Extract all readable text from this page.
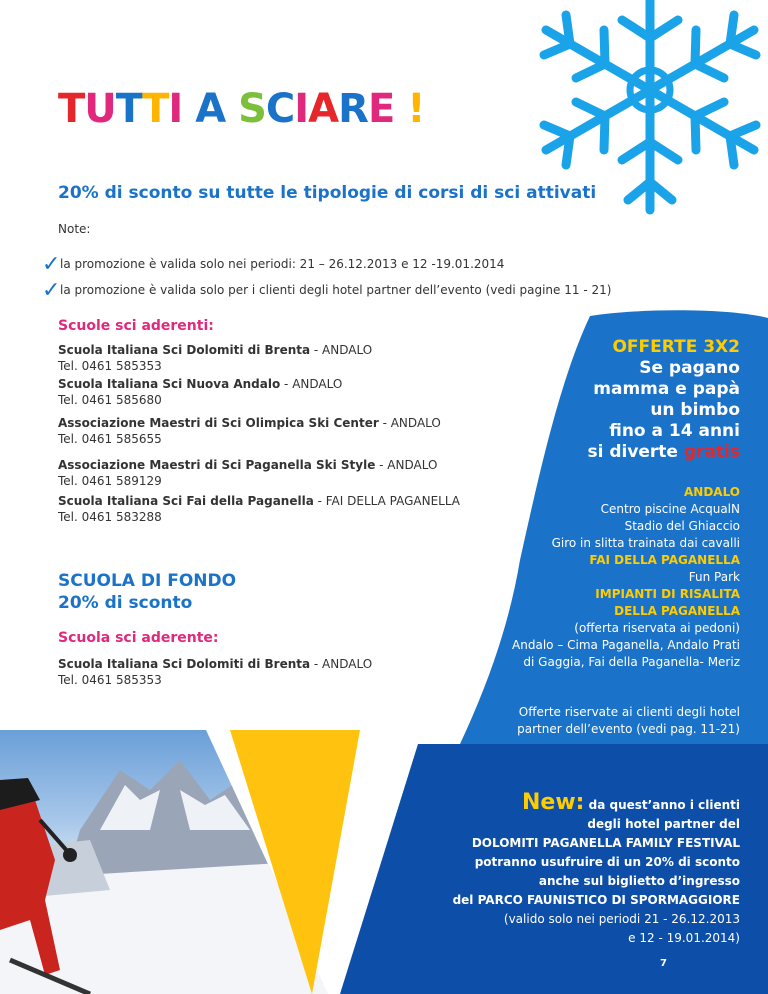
TUTTI A SCIARE !
20% di sconto su tutte le tipologie di corsi di sci attivati
Note:
✓la promozione è valida solo nei periodi: 21 – 26.12.2013 e 12 -19.01.2014
✓la promozione è valida solo per i clienti degli hotel partner dell’evento (vedi pagine 11 - 21)
Scuole sci aderenti:
Scuola Italiana Sci Dolomiti di Brenta - ANDALO
Tel. 0461 585353
Scuola Italiana Sci Nuova Andalo - ANDALO
Tel. 0461 585680
Associazione Maestri di Sci Olimpica Ski Center - ANDALO
Tel. 0461 585655
Associazione Maestri di Sci Paganella Ski Style - ANDALO
Tel. 0461 589129
Scuola Italiana Sci Fai della Paganella - FAI DELLA PAGANELLA
Tel. 0461 583288
SCUOLA DI FONDO
20% di sconto
Scuola sci aderente:
Scuola Italiana Sci Dolomiti di Brenta - ANDALO
Tel. 0461 585353
OFFERTE 3X2
Se pagano
mamma e papà
un bimbo
fino a 14 anni
si diverte gratis
ANDALO
Centro piscine AcqualN
Stadio del Ghiaccio
Giro in slitta trainata dai cavalli
FAI DELLA PAGANELLA
Fun Park
IMPIANTI DI RISALITA
DELLA PAGANELLA
(offerta riservata ai pedoni)
Andalo – Cima Paganella, Andalo Prati
di Gaggia, Fai della Paganella- Meriz
Offerte riservate ai clienti degli hotel
partner dell’evento (vedi pag. 11-21)
New: da quest’anno i clienti
degli hotel partner del
DOLOMITI PAGANELLA FAMILY FESTIVAL
potranno usufruire di un 20% di sconto
anche sul biglietto d’ingresso
del PARCO FAUNISTICO DI SPORMAGGIORE
(valido solo nei periodi 21 - 26.12.2013
e 12 - 19.01.2014)
7
